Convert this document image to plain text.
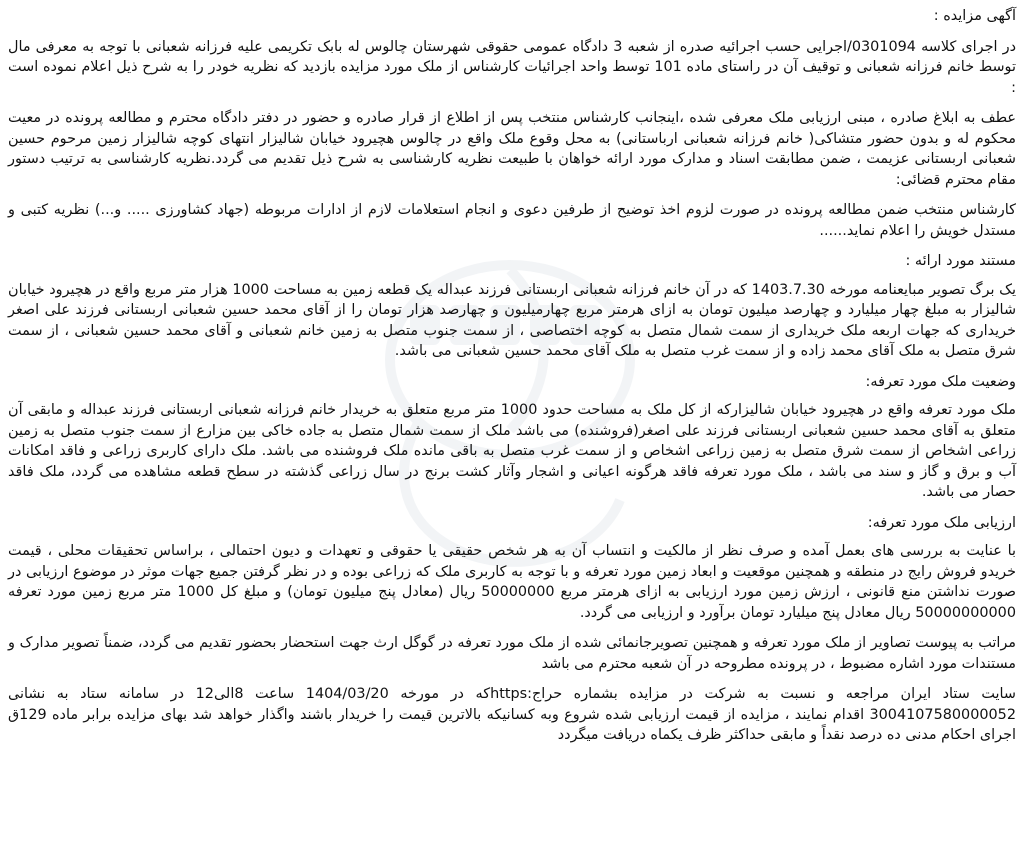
آگهی مزایده :

در اجرای کلاسه 0301094/اجرایی حسب اجرائیه صدره از شعبه 3 دادگاه عمومی حقوقی شهرستان چالوس له بابک تکریمی علیه فرزانه شعبانی با توجه به معرفی مال توسط خانم فرزانه شعبانی و توقیف آن در راستای ماده 101 توسط واحد اجرائیات کارشناس از ملک مورد مزایده بازدید که نظریه خودر را به شرح ذیل اعلام نموده است :

عطف به ابلاغ صادره ، مبنی ارزیابی ملک معرفی شده ،اینجانب کارشناس منتخب پس از اطلاع از قرار صادره و حضور در دفتر دادگاه محترم و مطالعه پرونده در معیت محکوم له و بدون حضور متشاکی( خانم فرزانه شعبانی ارباستانی) به محل وقوع ملک واقع در چالوس هچیرود خیابان شالیزار انتهای کوچه شالیزار زمین مرحوم حسین شعبانی اربستانی عزیمت ، ضمن مطابقت اسناد و مدارک مورد ارائه خواهان با طبیعت نظریه کارشناسی به شرح ذیل تقدیم می گردد.نظریه کارشناسی به ترتیب دستور مقام محترم قضائی:

کارشناس منتخب ضمن مطالعه پرونده در صورت لزوم اخذ توضیح از طرفین دعوی و انجام استعلامات لازم از ادارات مربوطه (جهاد کشاورزی ..... و...) نظریه کتبی و مستدل خویش را اعلام نماید......

مستند مورد ارائه :

یک برگ تصویر مبایعنامه مورخه 1403.7.30 که در آن خانم فرزانه شعبانی اربستانی فرزند عبداله یک قطعه زمین به مساحت 1000 هزار متر مربع واقع در هچیرود خیابان شالیزار به مبلغ چهار میلیارد و چهارصد میلیون تومان به ازای هرمتر مربع چهارمیلیون و چهارصد هزار تومان را از آقای محمد حسین شعبانی اربستانی فرزند علی اصغر خریداری که جهات اربعه ملک خریداری از سمت شمال متصل به کوچه اختصاصی ، از سمت جنوب متصل به زمین خانم شعبانی و آقای محمد حسین شعبانی ، از سمت شرق متصل به ملک آقای محمد زاده و از سمت غرب متصل به ملک آقای محمد حسین شعبانی می باشد.

وضعیت ملک مورد تعرفه:

ملک مورد تعرفه واقع در هچیرود خیابان شالیزارکه از کل ملک به مساحت حدود 1000 متر مربع متعلق به خریدار خانم فرزانه شعبانی اربستانی فرزند عبداله و مابقی آن متعلق به آقای محمد حسین شعبانی اربستانی فرزند علی اصغر(فروشنده) می باشد ملک از سمت شمال متصل به جاده خاکی بین مزارع از سمت جنوب متصل به زمین زراعی اشخاص از سمت شرق متصل به زمین زراعی اشخاص و از سمت غرب متصل به باقی مانده ملک فروشنده می باشد. ملک دارای کاربری زراعی و فاقد امکانات آب و برق و گاز و سند می باشد ، ملک مورد تعرفه فاقد هرگونه اعیانی و اشجار وآثار کشت برنج در سال زراعی گذشته در سطح قطعه مشاهده می گردد، ملک فاقد حصار می باشد.

ارزیابی ملک مورد تعرفه:

با عنایت به بررسی های بعمل آمده و صرف نظر از مالکیت و انتساب آن به هر شخص حقیقی یا حقوقی و تعهدات و دیون احتمالی ، براساس تحقیقات محلی ، قیمت خریدو فروش رایج در منطقه و همچنین موقعیت و ابعاد زمین مورد تعرفه و با توجه به کاربری ملک که زراعی بوده و در نظر گرفتن جمیع جهات موثر در موضوع ارزیابی در صورت نداشتن منع قانونی ، ارزش زمین مورد ارزیابی به ازای هرمتر مربع 50000000 ریال (معادل پنج میلیون تومان) و مبلغ کل 1000 متر مربع زمین مورد تعرفه 50000000000 ریال معادل پنج میلیارد تومان برآورد و ارزیابی می گردد.

مراتب به پیوست تصاویر از ملک مورد تعرفه و همچنین تصویرجانمائی شده از ملک مورد تعرفه در گوگل ارث جهت استحضار بحضور تقدیم می گردد، ضمناً تصویر مدارک و مستندات مورد اشاره مضبوط ، در پرونده مطروحه در آن شعبه محترم می باشد

سایت ستاد ایران مراجعه و نسبت به شرکت در مزایده بشماره حراج:httpsکه در مورخه 1404/03/20 ساعت 8الی12 در سامانه ستاد به نشانی 3004107580000052 اقدام نمایند ، مزایده از قیمت ارزیابی شده شروع وبه کسانیکه بالاترین قیمت را خریدار باشند واگذار خواهد شد بهای مزایده برابر ماده 129ق اجرای احکام مدنی ده درصد نقداً و مابقی حداکثر ظرف یکماه دریافت میگردد
